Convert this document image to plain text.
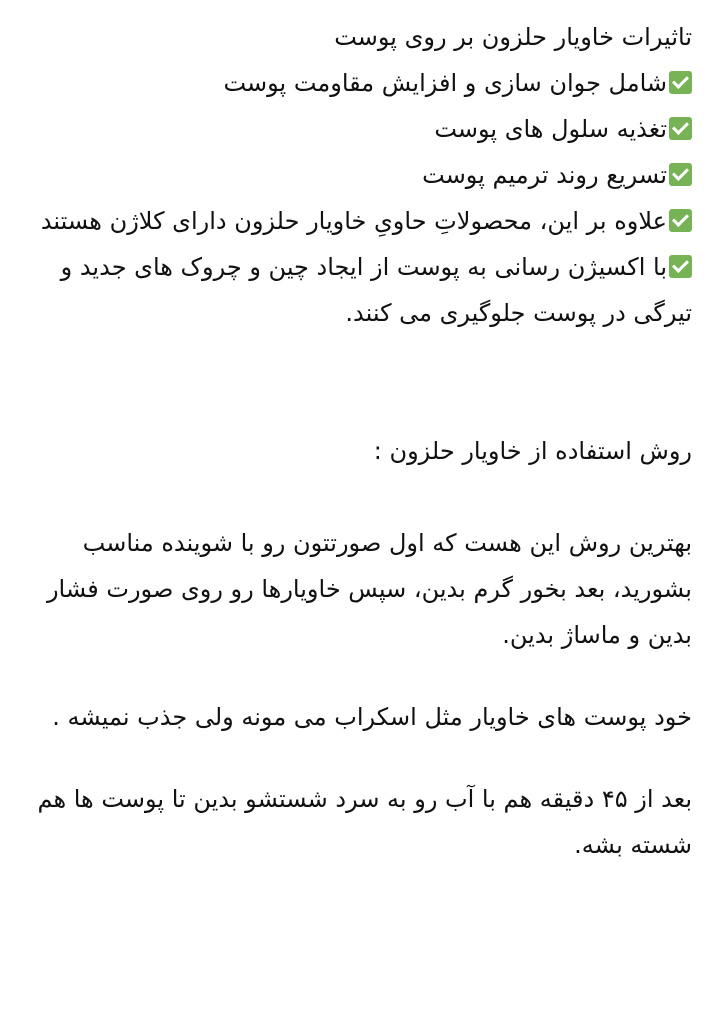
تاثیرات خاویار حلزون بر روی پوست

شامل جوان سازی و افزایش مقاومت پوست

تغذیه سلول های پوست

تسریع روند ترمیم پوست

علاوه بر این، محصولاتِ حاویِ خاویار حلزون دارای کلاژن هستند

با اکسیژن رسانی به پوست از ایجاد چین و چروک های جدید و تیرگی در پوست جلوگیری می کنند.

روش استفاده از خاویار حلزون :

بهترین روش این هست که اول صورتتون رو با شوینده مناسب بشورید، بعد بخور گرم بدین، سپس خاویارها رو روی صورت فشار بدین و ماساژ بدین.

خود پوست های خاویار مثل اسکراب می مونه ولی جذب نمیشه .

بعد از ۴۵ دقیقه هم با آب رو به سرد شستشو بدین تا پوست ها هم شسته بشه.
